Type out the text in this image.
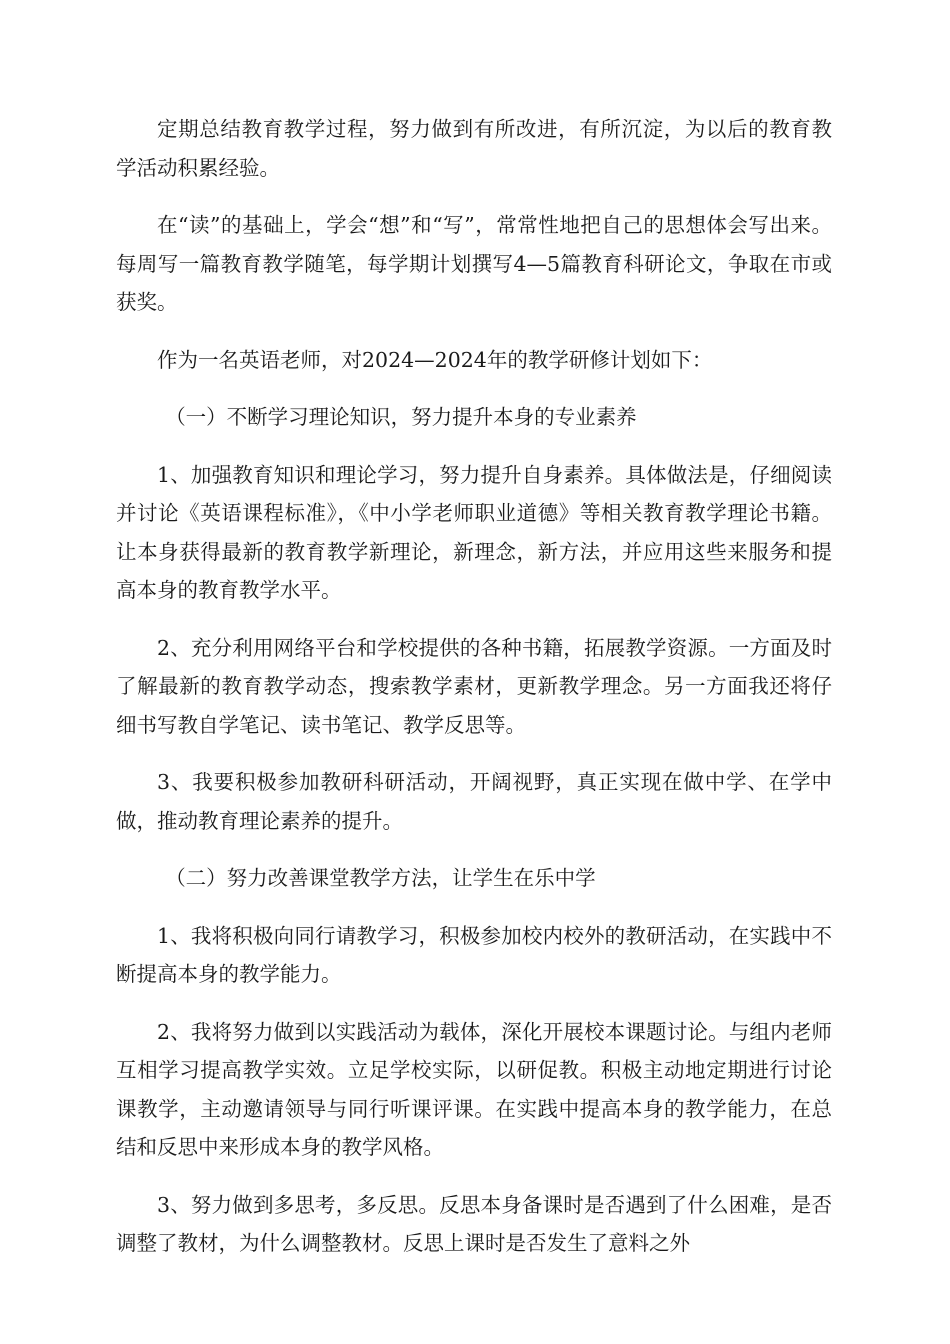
定期总结教育教学过程，努力做到有所改进，有所沉淀，为以后的教育教学活动积累经验。

在“读”的基础上，学会“想”和“写”，常常性地把自己的思想体会写出来。每周写一篇教育教学随笔，每学期计划撰写4—5篇教育科研论文，争取在市或获奖。

作为一名英语老师，对2024—2024年的教学研修计划如下：

（一）不断学习理论知识，努力提升本身的专业素养

1、加强教育知识和理论学习，努力提升自身素养。具体做法是，仔细阅读并讨论《英语课程标准》，《中小学老师职业道德》等相关教育教学理论书籍。让本身获得最新的教育教学新理论，新理念，新方法，并应用这些来服务和提高本身的教育教学水平。

2、充分利用网络平台和学校提供的各种书籍，拓展教学资源。一方面及时了解最新的教育教学动态，搜索教学素材，更新教学理念。另一方面我还将仔细书写教自学笔记、读书笔记、教学反思等。

3、我要积极参加教研科研活动，开阔视野，真正实现在做中学、在学中做，推动教育理论素养的提升。

（二）努力改善课堂教学方法，让学生在乐中学

1、我将积极向同行请教学习，积极参加校内校外的教研活动，在实践中不断提高本身的教学能力。

2、我将努力做到以实践活动为载体，深化开展校本课题讨论。与组内老师互相学习提高教学实效。立足学校实际，以研促教。积极主动地定期进行讨论课教学，主动邀请领导与同行听课评课。在实践中提高本身的教学能力，在总结和反思中来形成本身的教学风格。

3、努力做到多思考，多反思。反思本身备课时是否遇到了什么困难，是否调整了教材，为什么调整教材。反思上课时是否发生了意料之外
